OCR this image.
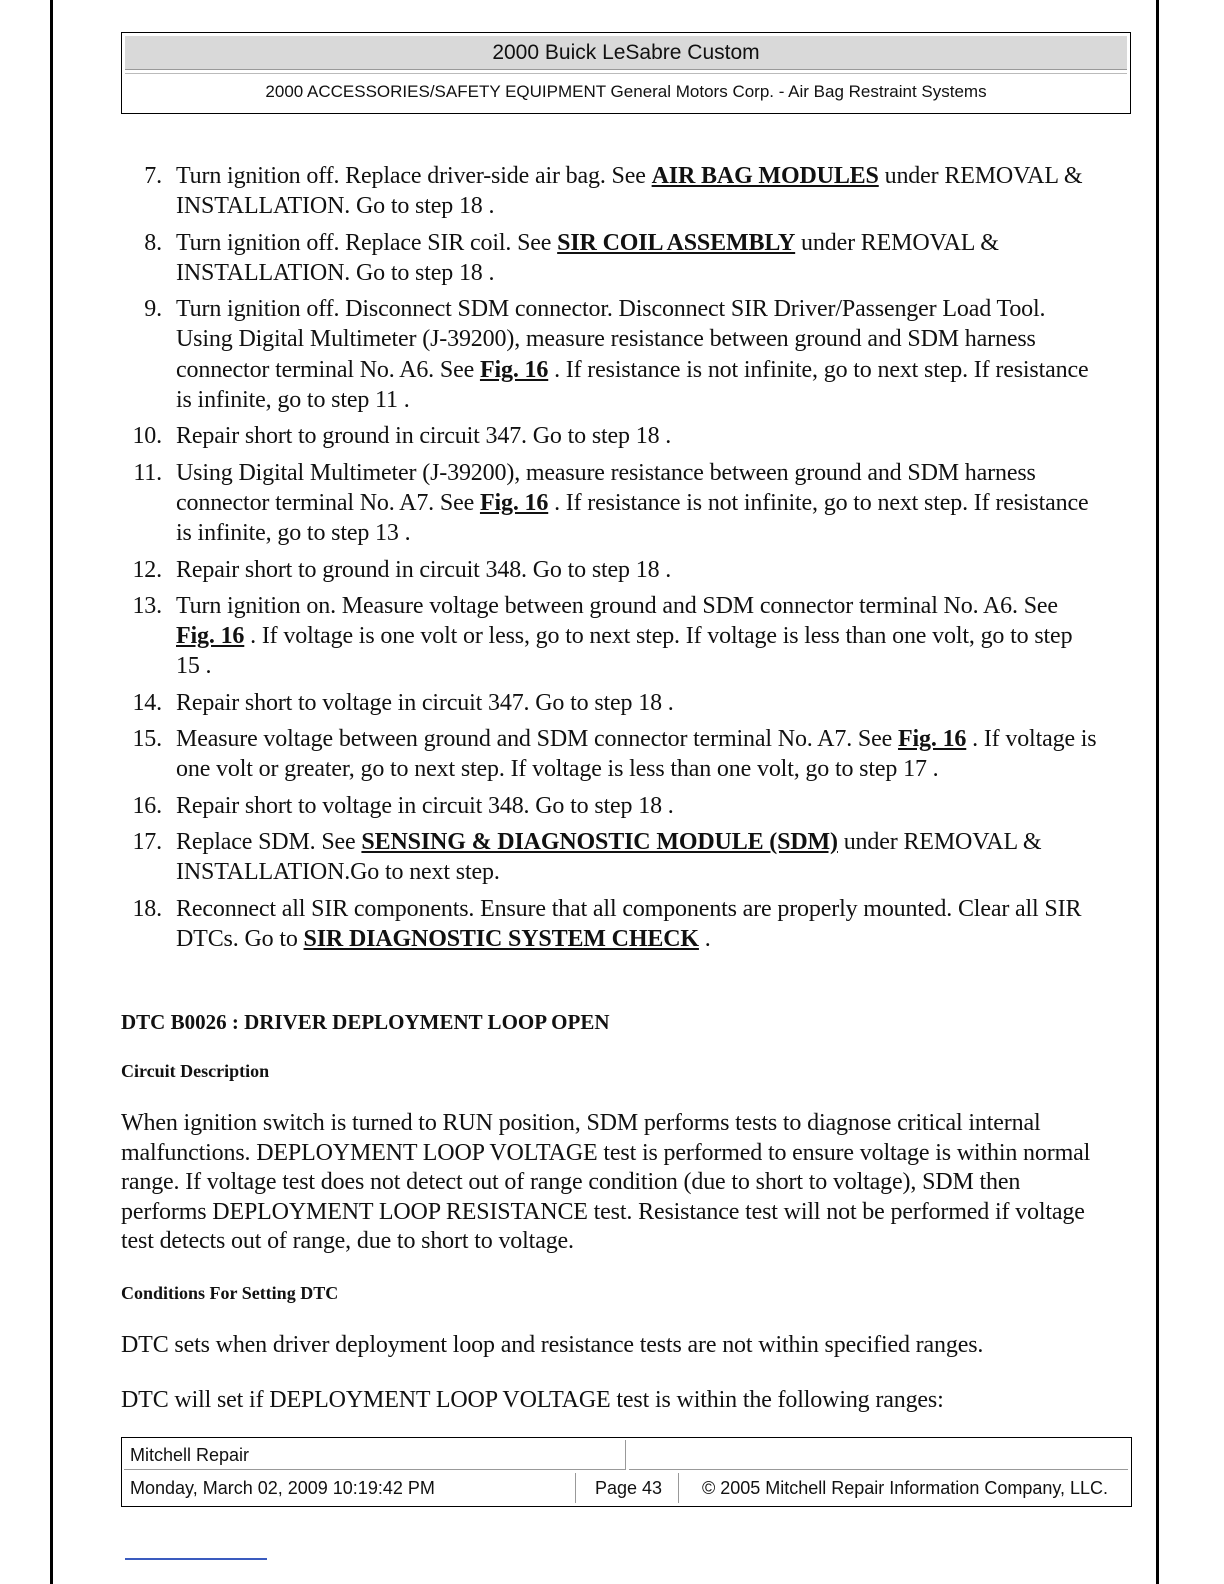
2000 Buick LeSabre Custom
2000 ACCESSORIES/SAFETY EQUIPMENT General Motors Corp. - Air Bag Restraint Systems
7. Turn ignition off. Replace driver-side air bag. See AIR BAG MODULES under REMOVAL & INSTALLATION. Go to step 18 .
8. Turn ignition off. Replace SIR coil. See SIR COIL ASSEMBLY under REMOVAL & INSTALLATION. Go to step 18 .
9. Turn ignition off. Disconnect SDM connector. Disconnect SIR Driver/Passenger Load Tool. Using Digital Multimeter (J-39200), measure resistance between ground and SDM harness connector terminal No. A6. See Fig. 16 . If resistance is not infinite, go to next step. If resistance is infinite, go to step 11 .
10. Repair short to ground in circuit 347. Go to step 18 .
11. Using Digital Multimeter (J-39200), measure resistance between ground and SDM harness connector terminal No. A7. See Fig. 16 . If resistance is not infinite, go to next step. If resistance is infinite, go to step 13 .
12. Repair short to ground in circuit 348. Go to step 18 .
13. Turn ignition on. Measure voltage between ground and SDM connector terminal No. A6. See Fig. 16 . If voltage is one volt or less, go to next step. If voltage is less than one volt, go to step 15 .
14. Repair short to voltage in circuit 347. Go to step 18 .
15. Measure voltage between ground and SDM connector terminal No. A7. See Fig. 16 . If voltage is one volt or greater, go to next step. If voltage is less than one volt, go to step 17 .
16. Repair short to voltage in circuit 348. Go to step 18 .
17. Replace SDM. See SENSING & DIAGNOSTIC MODULE (SDM) under REMOVAL & INSTALLATION.Go to next step.
18. Reconnect all SIR components. Ensure that all components are properly mounted. Clear all SIR DTCs. Go to SIR DIAGNOSTIC SYSTEM CHECK .
DTC B0026 : DRIVER DEPLOYMENT LOOP OPEN
Circuit Description

When ignition switch is turned to RUN position, SDM performs tests to diagnose critical internal malfunctions. DEPLOYMENT LOOP VOLTAGE test is performed to ensure voltage is within normal range. If voltage test does not detect out of range condition (due to short to voltage), SDM then performs DEPLOYMENT LOOP RESISTANCE test. Resistance test will not be performed if voltage test detects out of range, due to short to voltage.

Conditions For Setting DTC

DTC sets when driver deployment loop and resistance tests are not within specified ranges.

DTC will set if DEPLOYMENT LOOP VOLTAGE test is within the following ranges:

Mitchell Repair
Monday, March 02, 2009 10:19:42 PM	Page 43	© 2005 Mitchell Repair Information Company, LLC.
